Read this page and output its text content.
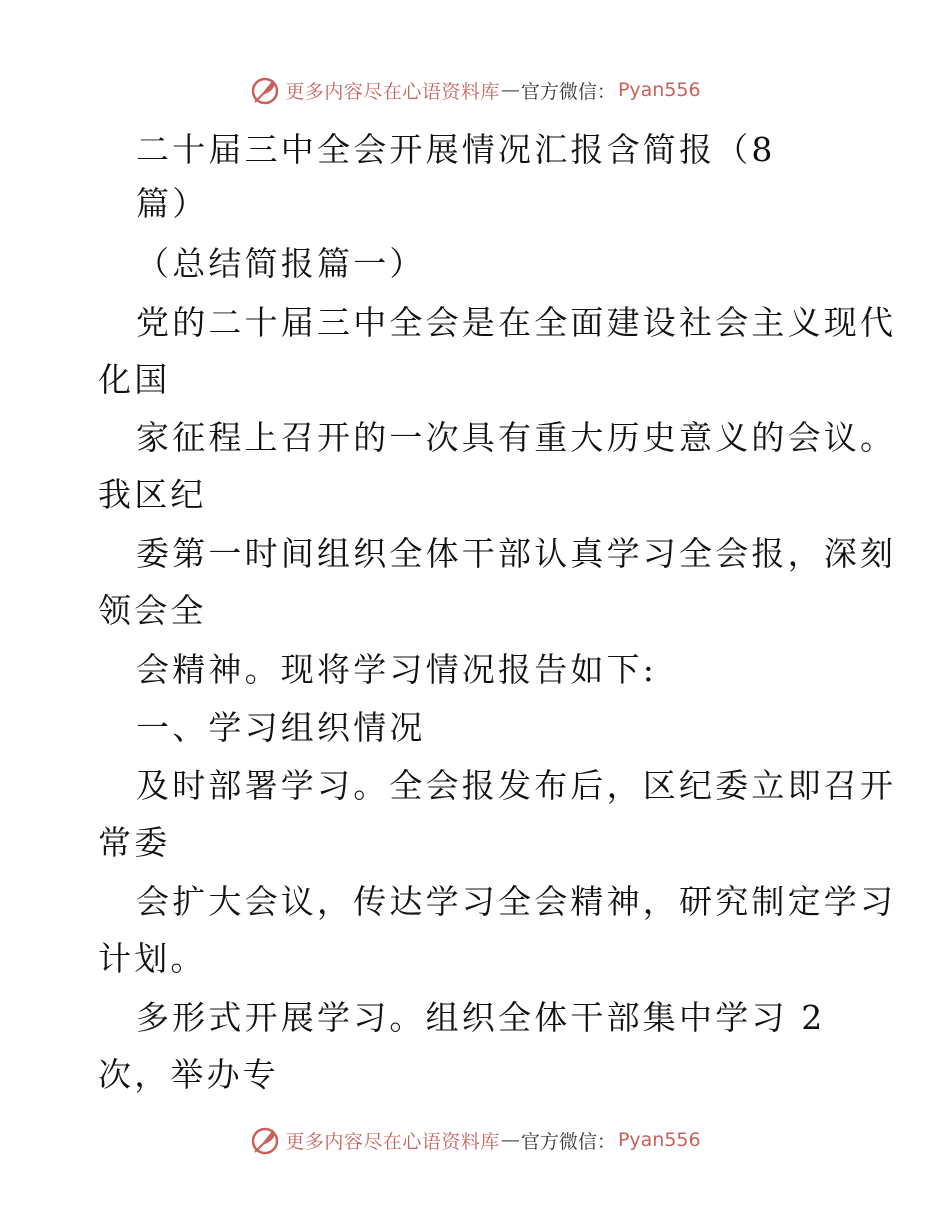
更多内容尽在心语资料库 — 官方微信： Pyan556
二十届三中全会开展情况汇报含简报（8
篇）
（总结简报篇一）
党的二十届三中全会是在全面建设社会主义现代
化国
家征程上召开的一次具有重大历史意义的会议。
我区纪
委第一时间组织全体干部认真学习全会报，深刻
领会全
会精神。现将学习情况报告如下:
一、学习组织情况
及时部署学习。全会报发布后，区纪委立即召开
常委
会扩大会议，传达学习全会精神，研究制定学习
计划。
多形式开展学习。组织全体干部集中学习 2
次，举办专
更多内容尽在心语资料库 — 官方微信： Pyan556
